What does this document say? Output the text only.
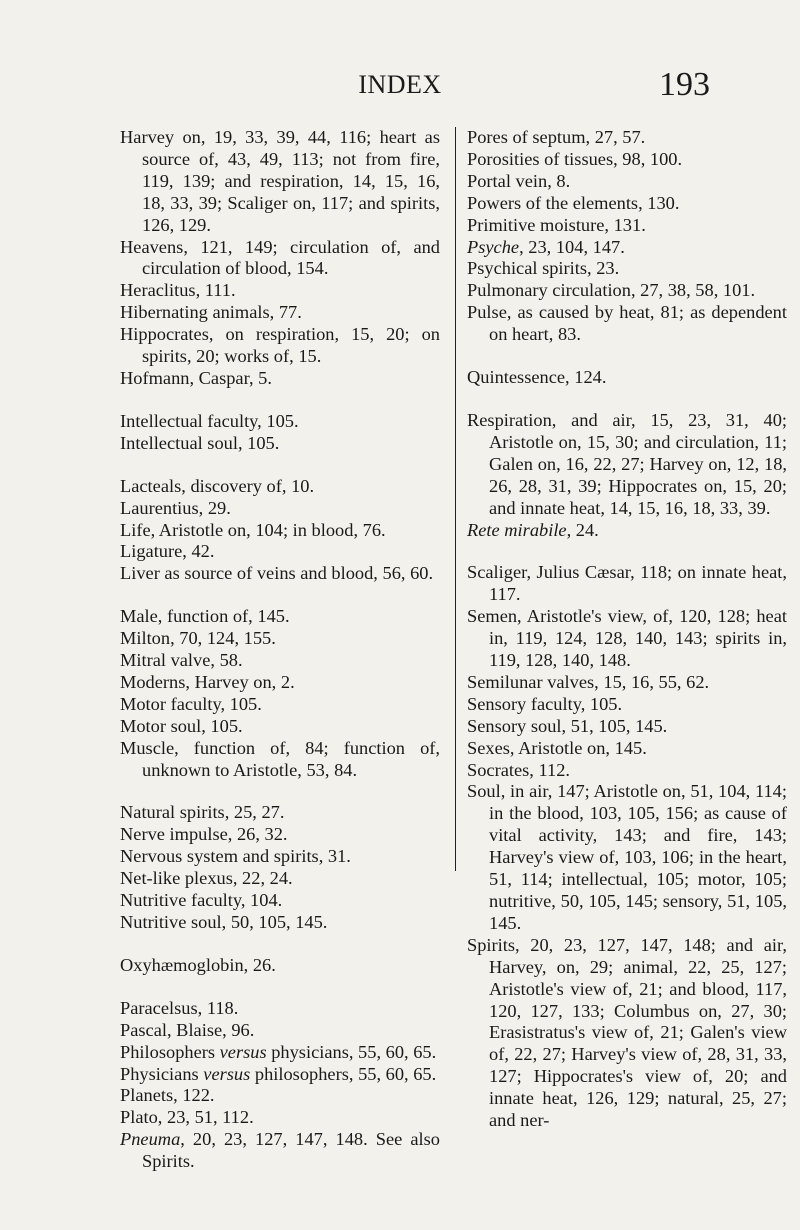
INDEX	193
Harvey on, 19, 33, 39, 44, 116; heart as source of, 43, 49, 113; not from fire, 119, 139; and respiration, 14, 15, 16, 18, 33, 39; Scaliger on, 117; and spirits, 126, 129.
Heavens, 121, 149; circulation of, and circulation of blood, 154.
Heraclitus, 111.
Hibernating animals, 77.
Hippocrates, on respiration, 15, 20; on spirits, 20; works of, 15.
Hofmann, Caspar, 5.
Intellectual faculty, 105.
Intellectual soul, 105.
Lacteals, discovery of, 10.
Laurentius, 29.
Life, Aristotle on, 104; in blood, 76.
Ligature, 42.
Liver as source of veins and blood, 56, 60.
Male, function of, 145.
Milton, 70, 124, 155.
Mitral valve, 58.
Moderns, Harvey on, 2.
Motor faculty, 105.
Motor soul, 105.
Muscle, function of, 84; function of, unknown to Aristotle, 53, 84.
Natural spirits, 25, 27.
Nerve impulse, 26, 32.
Nervous system and spirits, 31.
Net-like plexus, 22, 24.
Nutritive faculty, 104.
Nutritive soul, 50, 105, 145.
Oxyhæmoglobin, 26.
Paracelsus, 118.
Pascal, Blaise, 96.
Philosophers versus physicians, 55, 60, 65.
Physicians versus philosophers, 55, 60, 65.
Planets, 122.
Plato, 23, 51, 112.
Pneuma, 20, 23, 127, 147, 148. See also Spirits.
Pores of septum, 27, 57.
Porosities of tissues, 98, 100.
Portal vein, 8.
Powers of the elements, 130.
Primitive moisture, 131.
Psyche, 23, 104, 147.
Psychical spirits, 23.
Pulmonary circulation, 27, 38, 58, 101.
Pulse, as caused by heat, 81; as dependent on heart, 83.
Quintessence, 124.
Respiration, and air, 15, 23, 31, 40; Aristotle on, 15, 30; and circulation, 11; Galen on, 16, 22, 27; Harvey on, 12, 18, 26, 28, 31, 39; Hippocrates on, 15, 20; and innate heat, 14, 15, 16, 18, 33, 39.
Rete mirabile, 24.
Scaliger, Julius Cæsar, 118; on innate heat, 117.
Semen, Aristotle's view, of, 120, 128; heat in, 119, 124, 128, 140, 143; spirits in, 119, 128, 140, 148.
Semilunar valves, 15, 16, 55, 62.
Sensory faculty, 105.
Sensory soul, 51, 105, 145.
Sexes, Aristotle on, 145.
Socrates, 112.
Soul, in air, 147; Aristotle on, 51, 104, 114; in the blood, 103, 105, 156; as cause of vital activity, 143; and fire, 143; Harvey's view of, 103, 106; in the heart, 51, 114; intellectual, 105; motor, 105; nutritive, 50, 105, 145; sensory, 51, 105, 145.
Spirits, 20, 23, 127, 147, 148; and air, Harvey, on, 29; animal, 22, 25, 127; Aristotle's view of, 21; and blood, 117, 120, 127, 133; Columbus on, 27, 30; Erasistratus's view of, 21; Galen's view of, 22, 27; Harvey's view of, 28, 31, 33, 127; Hippocrates's view of, 20; and innate heat, 126, 129; natural, 25, 27; and ner-
